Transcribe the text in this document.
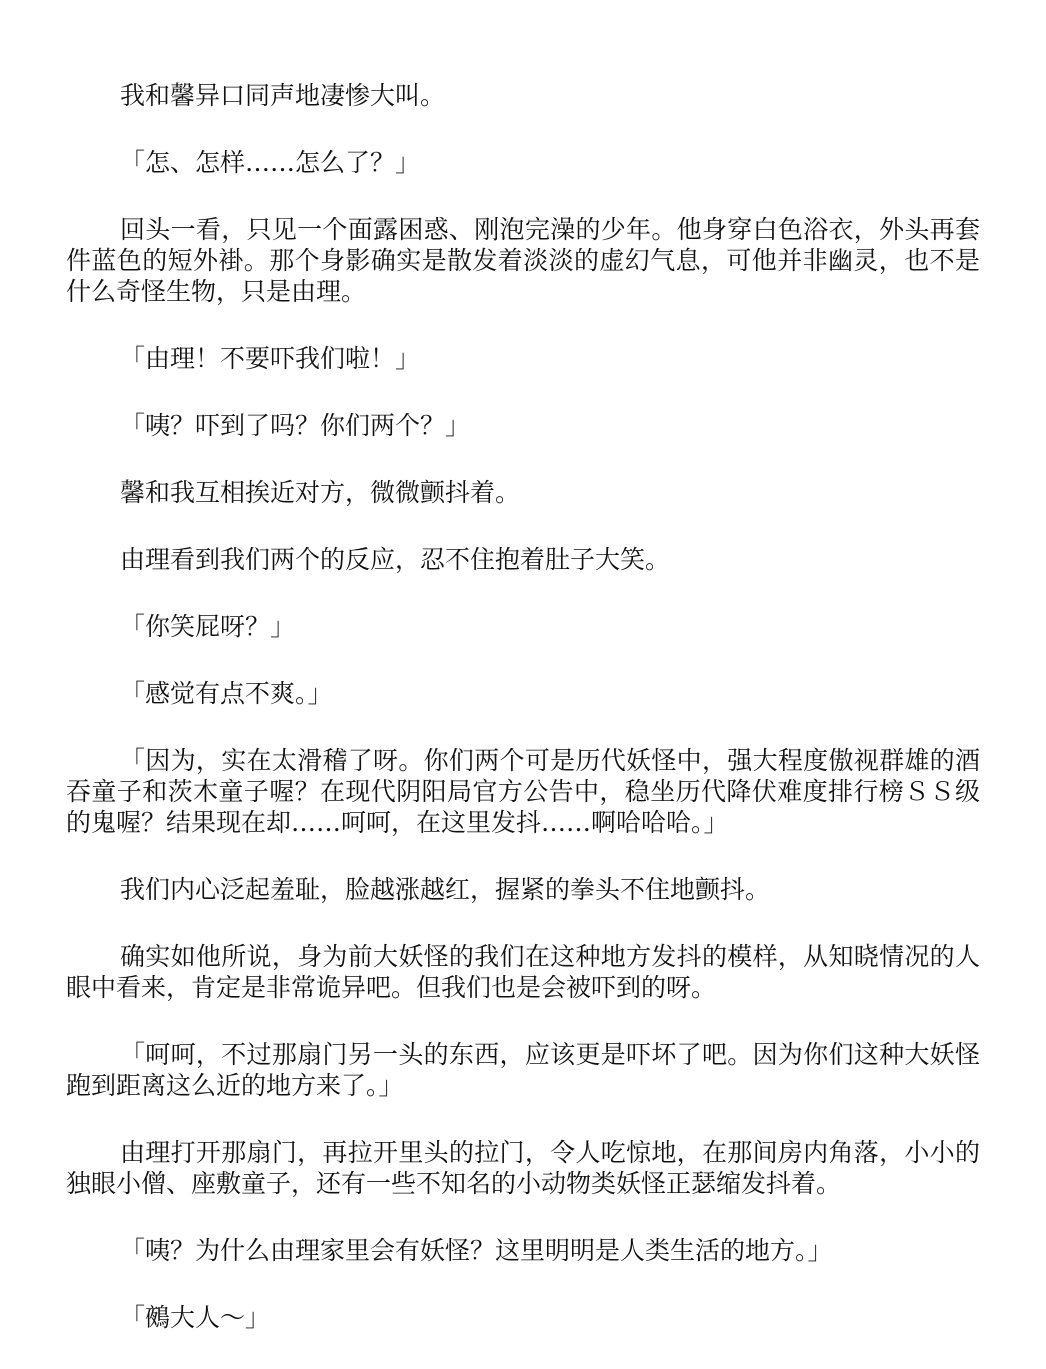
我和馨异口同声地凄惨大叫。

「怎、怎样……怎么了？」

回头一看，只见一个面露困惑、刚泡完澡的少年。他身穿白色浴衣，外头再套件蓝色的短外褂。那个身影确实是散发着淡淡的虚幻气息，可他并非幽灵，也不是什么奇怪生物，只是由理。

「由理！不要吓我们啦！」

「咦？吓到了吗？你们两个？」

馨和我互相挨近对方，微微颤抖着。

由理看到我们两个的反应，忍不住抱着肚子大笑。

「你笑屁呀？」

「感觉有点不爽。」

「因为，实在太滑稽了呀。你们两个可是历代妖怪中，强大程度傲视群雄的酒吞童子和茨木童子喔？在现代阴阳局官方公告中，稳坐历代降伏难度排行榜ＳＳ级的鬼喔？结果现在却……呵呵，在这里发抖……啊哈哈哈。」

我们内心泛起羞耻，脸越涨越红，握紧的拳头不住地颤抖。

确实如他所说，身为前大妖怪的我们在这种地方发抖的模样，从知晓情况的人眼中看来，肯定是非常诡异吧。但我们也是会被吓到的呀。

「呵呵，不过那扇门另一头的东西，应该更是吓坏了吧。因为你们这种大妖怪跑到距离这么近的地方来了。」

由理打开那扇门，再拉开里头的拉门，令人吃惊地，在那间房内角落，小小的独眼小僧、座敷童子，还有一些不知名的小动物类妖怪正瑟缩发抖着。

「咦？为什么由理家里会有妖怪？这里明明是人类生活的地方。」

「鵺大人～」
